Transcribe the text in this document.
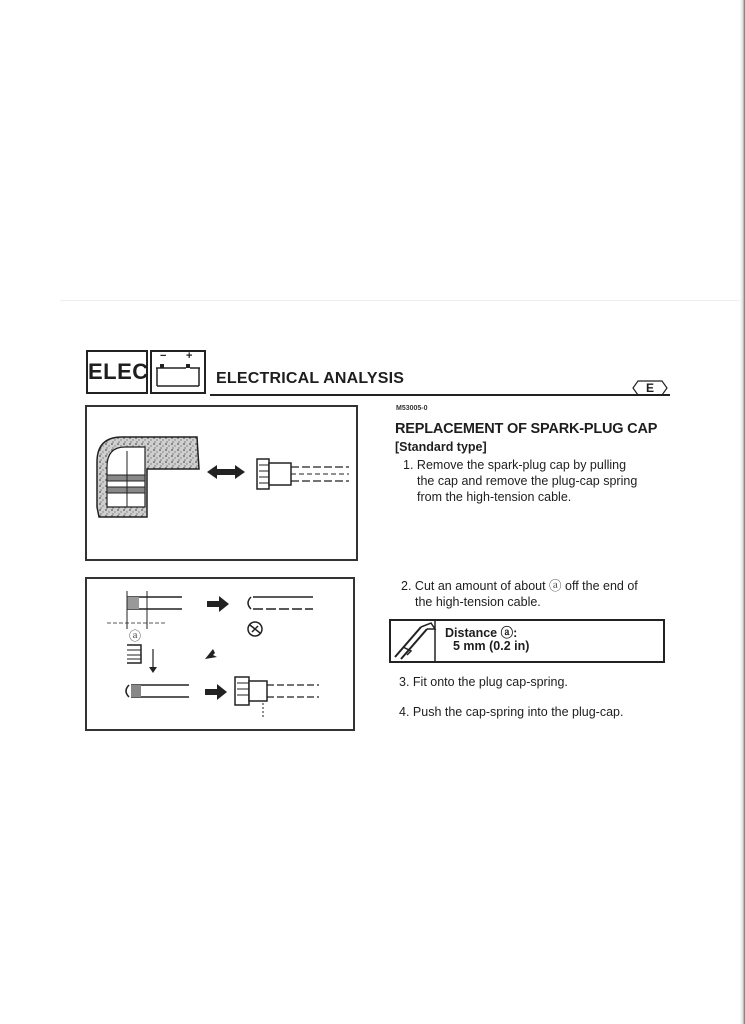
ELEC
− +
ELECTRICAL ANALYSIS
E
ⓐ
M53005-0
REPLACEMENT OF SPARK-PLUG CAP
[Standard type]
1. Remove the spark-plug cap by pulling
the cap and remove the plug-cap spring
from the high-tension cable.
2. Cut an amount of about ⓐ off the end of
the high-tension cable.
Distance ⓐ:
5 mm (0.2 in)
3. Fit onto the plug cap-spring.
4. Push the cap-spring into the plug-cap.
